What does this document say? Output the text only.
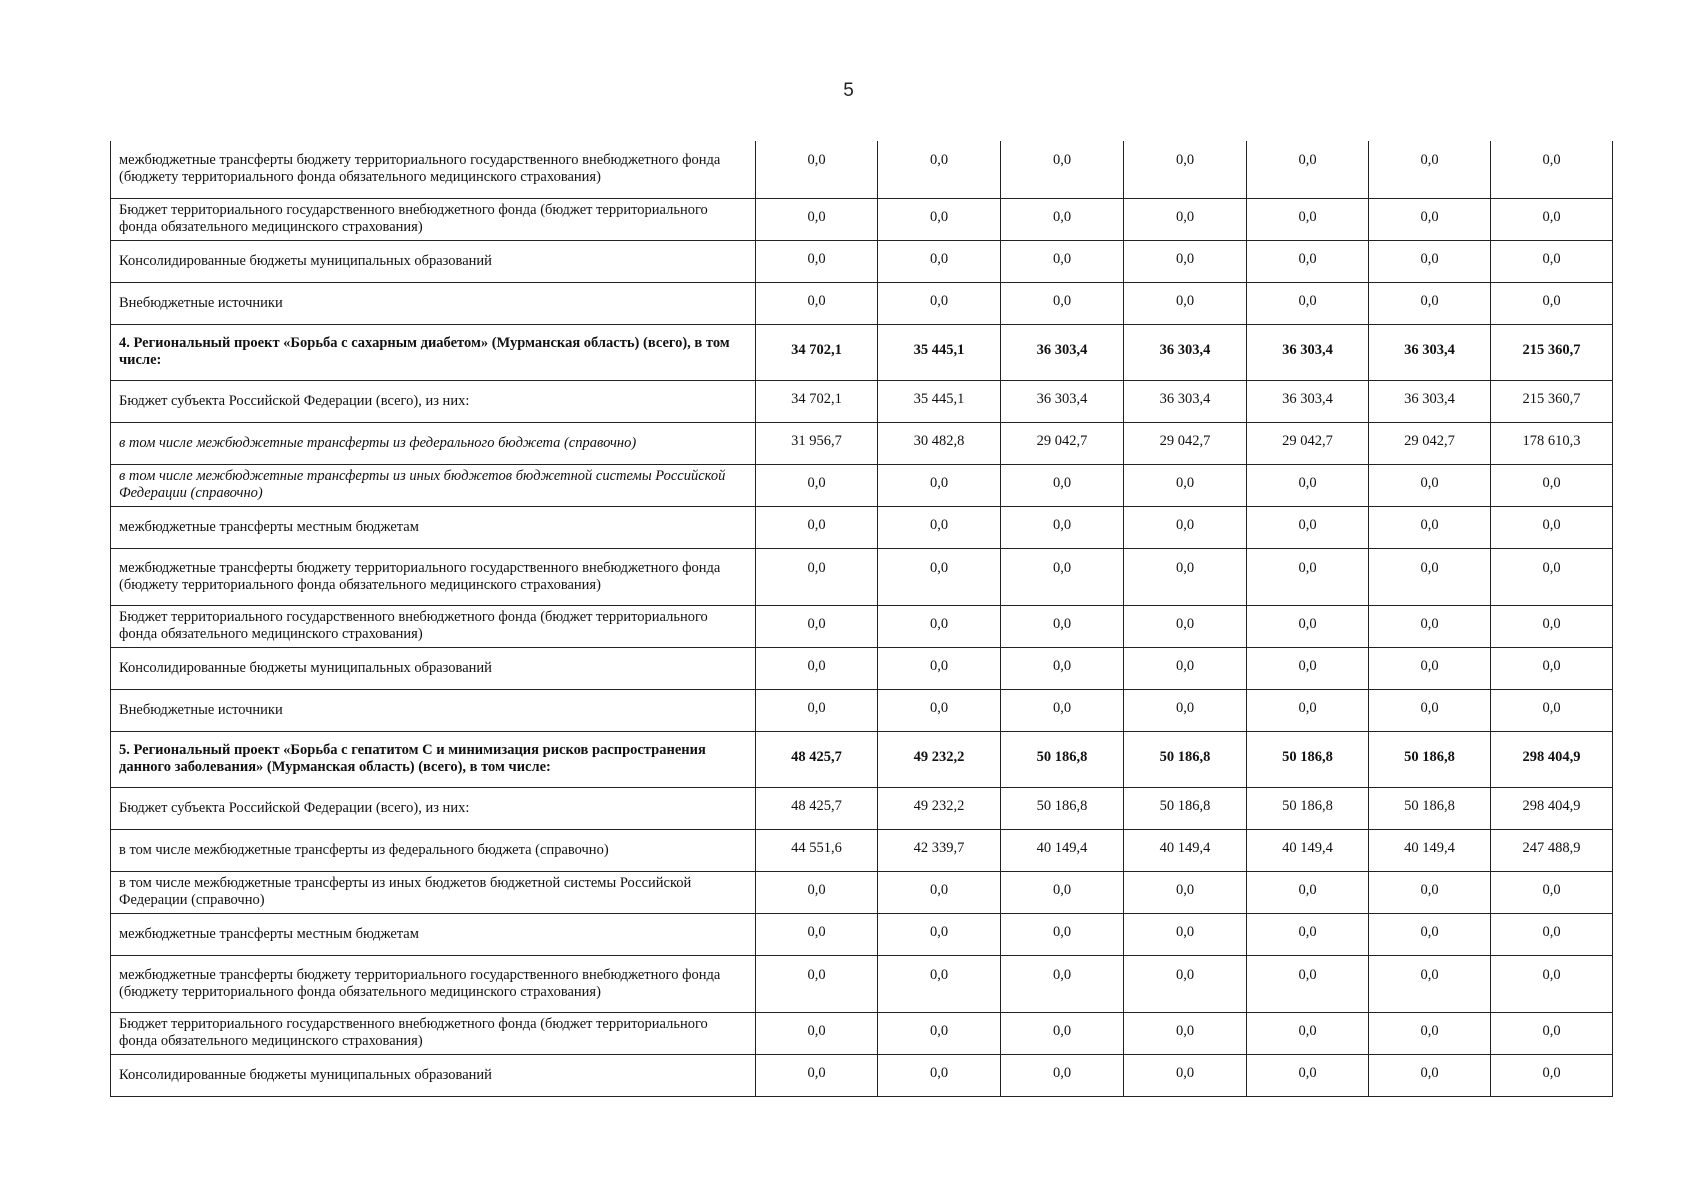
5
межбюджетные трансферты бюджету территориального государственного внебюджетного фонда (бюджету территориального фонда обязательного медицинского страхования)	0,0	0,0	0,0	0,0	0,0	0,0	0,0
Бюджет территориального государственного внебюджетного фонда (бюджет территориального фонда обязательного медицинского страхования)	0,0	0,0	0,0	0,0	0,0	0,0	0,0
Консолидированные бюджеты муниципальных образований	0,0	0,0	0,0	0,0	0,0	0,0	0,0
Внебюджетные источники	0,0	0,0	0,0	0,0	0,0	0,0	0,0
4. Региональный проект «Борьба с сахарным диабетом» (Мурманская область) (всего), в том числе:	34 702,1	35 445,1	36 303,4	36 303,4	36 303,4	36 303,4	215 360,7
Бюджет субъекта Российской Федерации (всего), из них:	34 702,1	35 445,1	36 303,4	36 303,4	36 303,4	36 303,4	215 360,7
в том числе межбюджетные трансферты из федерального бюджета (справочно)	31 956,7	30 482,8	29 042,7	29 042,7	29 042,7	29 042,7	178 610,3
в том числе межбюджетные трансферты из иных бюджетов бюджетной системы Российской Федерации (справочно)	0,0	0,0	0,0	0,0	0,0	0,0	0,0
межбюджетные трансферты местным бюджетам	0,0	0,0	0,0	0,0	0,0	0,0	0,0
межбюджетные трансферты бюджету территориального государственного внебюджетного фонда (бюджету территориального фонда обязательного медицинского страхования)	0,0	0,0	0,0	0,0	0,0	0,0	0,0
Бюджет территориального государственного внебюджетного фонда (бюджет территориального фонда обязательного медицинского страхования)	0,0	0,0	0,0	0,0	0,0	0,0	0,0
Консолидированные бюджеты муниципальных образований	0,0	0,0	0,0	0,0	0,0	0,0	0,0
Внебюджетные источники	0,0	0,0	0,0	0,0	0,0	0,0	0,0
5. Региональный проект «Борьба с гепатитом С и минимизация рисков распространения данного заболевания» (Мурманская область) (всего), в том числе:	48 425,7	49 232,2	50 186,8	50 186,8	50 186,8	50 186,8	298 404,9
Бюджет субъекта Российской Федерации (всего), из них:	48 425,7	49 232,2	50 186,8	50 186,8	50 186,8	50 186,8	298 404,9
в том числе межбюджетные трансферты из федерального бюджета (справочно)	44 551,6	42 339,7	40 149,4	40 149,4	40 149,4	40 149,4	247 488,9
в том числе межбюджетные трансферты из иных бюджетов бюджетной системы Российской Федерации (справочно)	0,0	0,0	0,0	0,0	0,0	0,0	0,0
межбюджетные трансферты местным бюджетам	0,0	0,0	0,0	0,0	0,0	0,0	0,0
межбюджетные трансферты бюджету территориального государственного внебюджетного фонда (бюджету территориального фонда обязательного медицинского страхования)	0,0	0,0	0,0	0,0	0,0	0,0	0,0
Бюджет территориального государственного внебюджетного фонда (бюджет территориального фонда обязательного медицинского страхования)	0,0	0,0	0,0	0,0	0,0	0,0	0,0
Консолидированные бюджеты муниципальных образований	0,0	0,0	0,0	0,0	0,0	0,0	0,0
